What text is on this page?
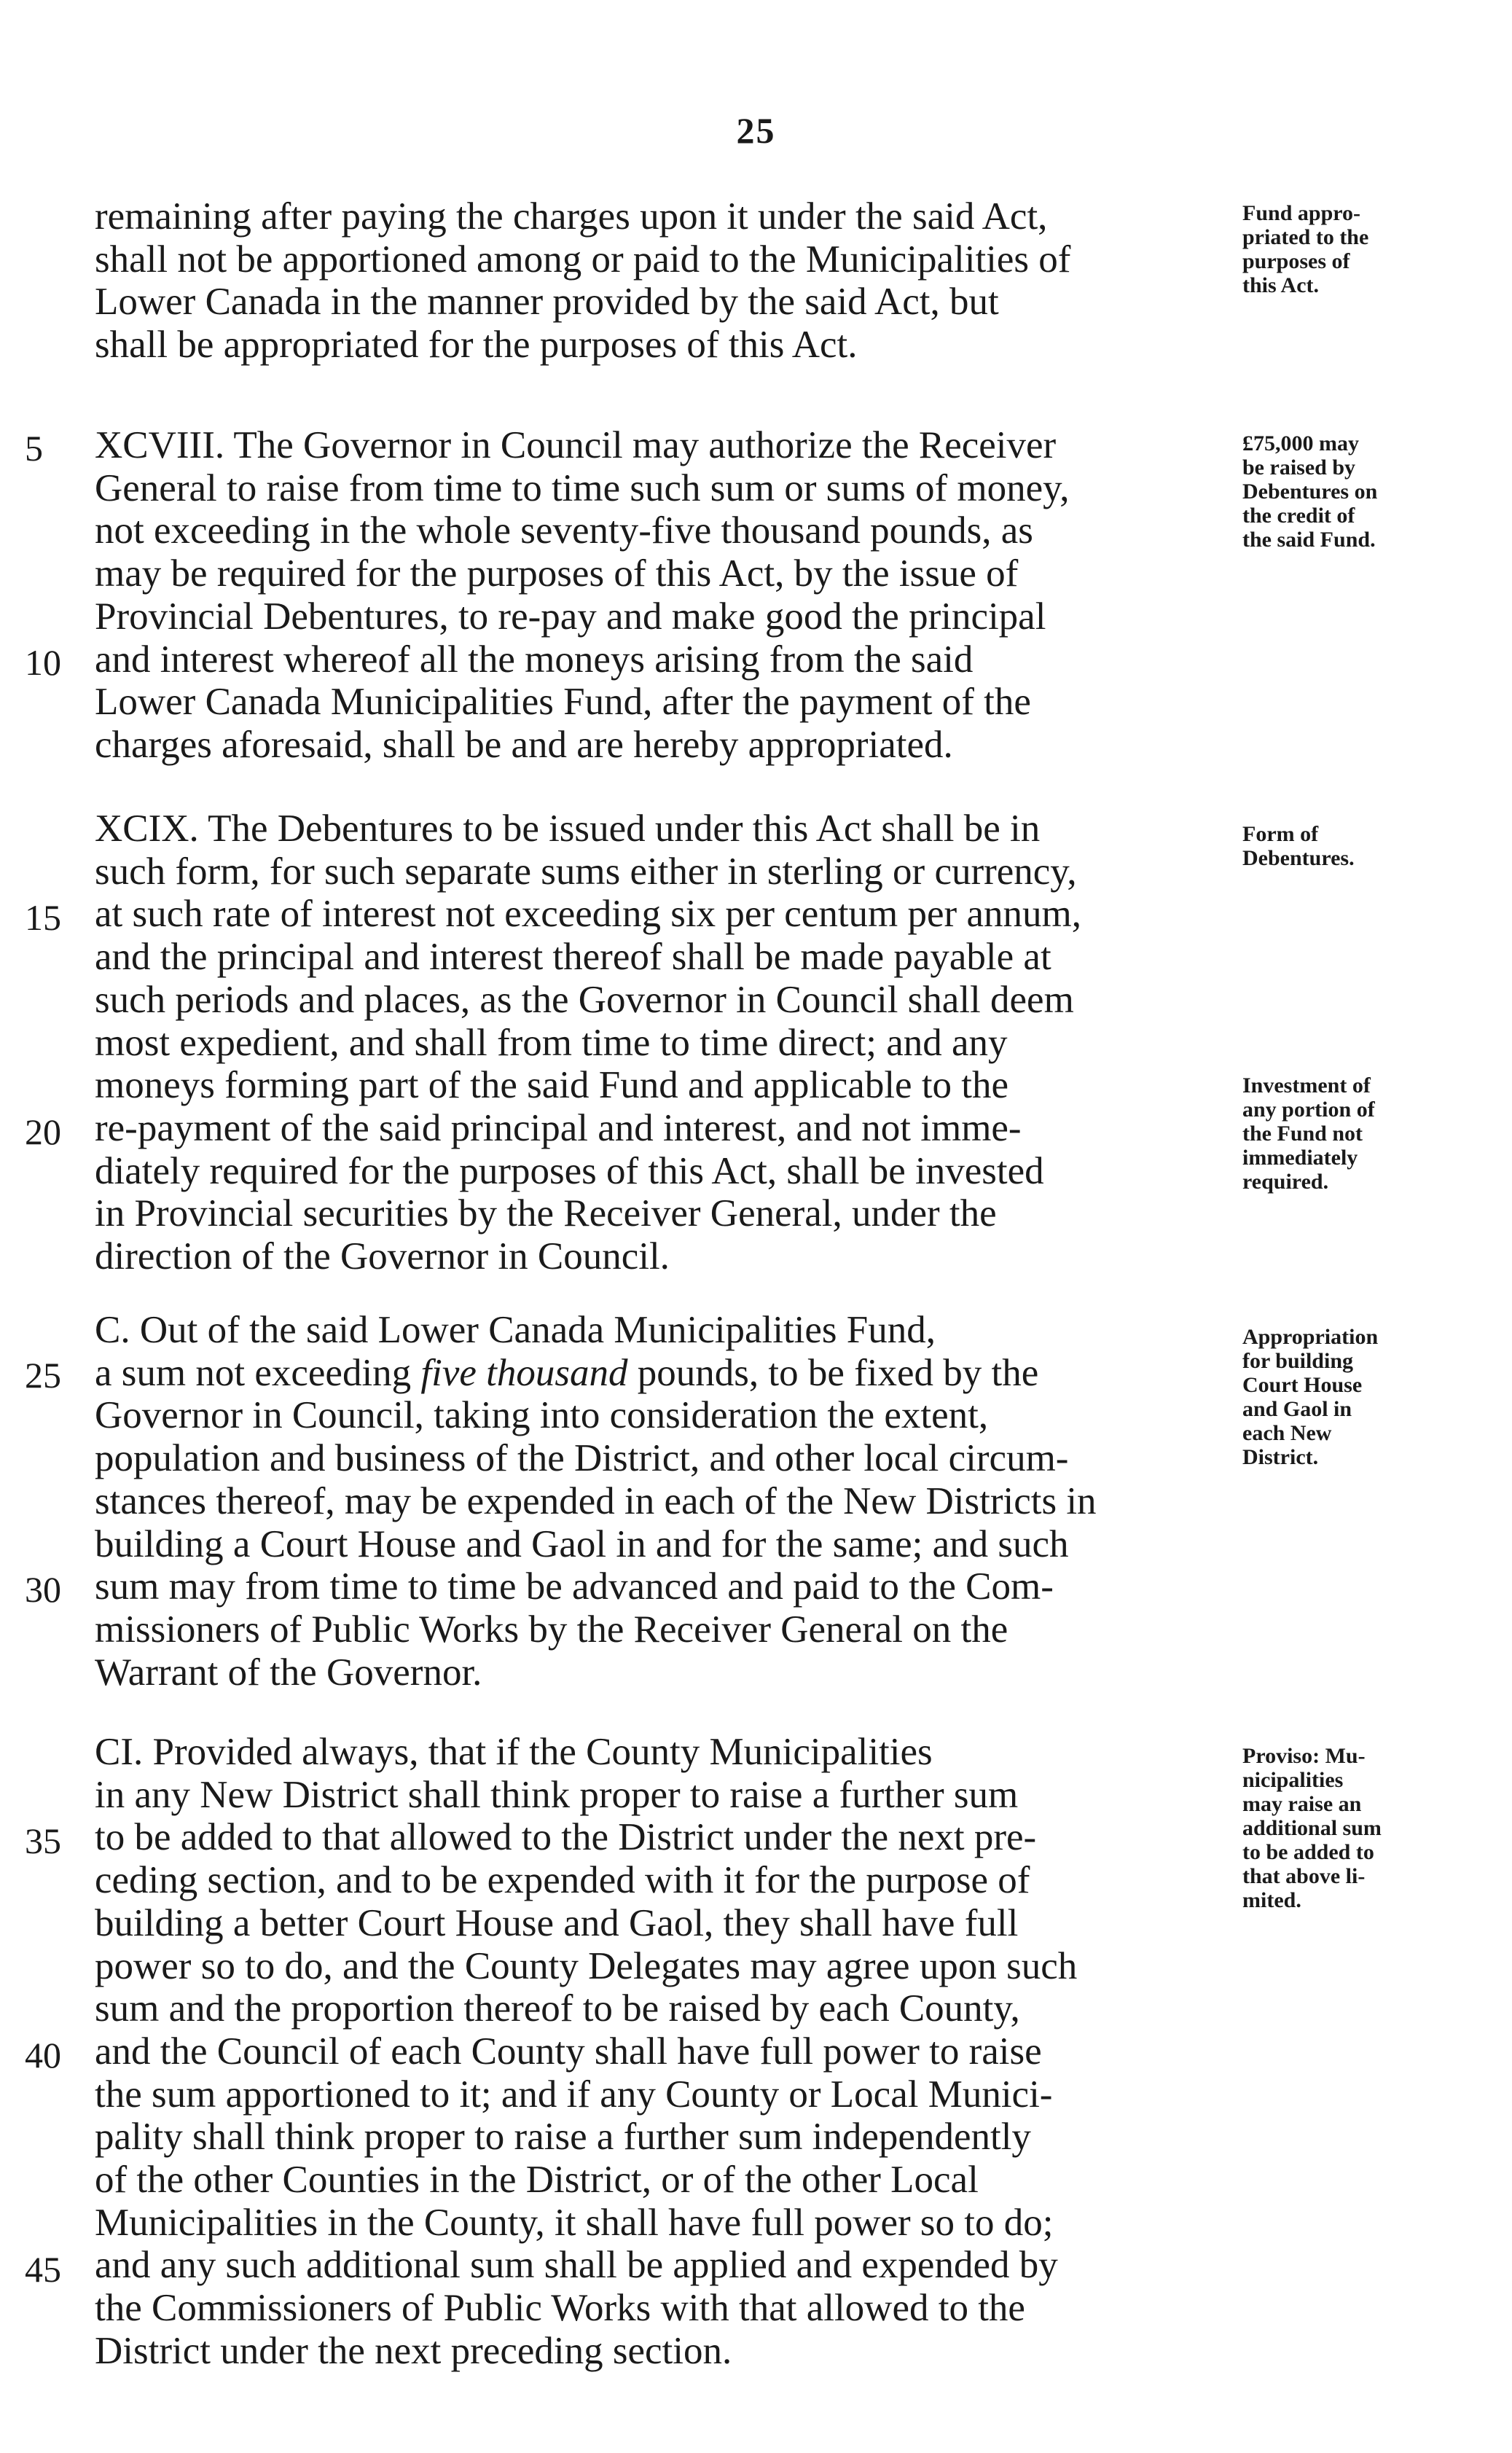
25

remaining after paying the charges upon it under the said Act,
shall not be apportioned among or paid to the Municipalities of
Lower Canada in the manner provided by the said Act, but
shall be appropriated for the purposes of this Act.

Fund appro-
priated to the
purposes of
this Act.

XCVIII. The Governor in Council may authorize the Receiver
General to raise from time to time such sum or sums of money,
not exceeding in the whole seventy-five thousand pounds, as
may be required for the purposes of this Act, by the issue of
Provincial Debentures, to re-pay and make good the principal
and interest whereof all the moneys arising from the said
Lower Canada Municipalities Fund, after the payment of the
charges aforesaid, shall be and are hereby appropriated.

5
10

£75,000 may
be raised by
Debentures on
the credit of
the said Fund.

XCIX. The Debentures to be issued under this Act shall be in
such form, for such separate sums either in sterling or currency,
at such rate of interest not exceeding six per centum per annum,
and the principal and interest thereof shall be made payable at
such periods and places, as the Governor in Council shall deem
most expedient, and shall from time to time direct; and any
moneys forming part of the said Fund and applicable to the
re-payment of the said principal and interest, and not imme-
diately required for the purposes of this Act, shall be invested
in Provincial securities by the Receiver General, under the
direction of the Governor in Council.

15
20

Form of
Debentures.

Investment of
any portion of
the Fund not
immediately
required.

C. Out of the said Lower Canada Municipalities Fund,
a sum not exceeding five thousand pounds, to be fixed by the
Governor in Council, taking into consideration the extent,
population and business of the District, and other local circum-
stances thereof, may be expended in each of the New Districts in
building a Court House and Gaol in and for the same; and such
sum may from time to time be advanced and paid to the Com-
missioners of Public Works by the Receiver General on the
Warrant of the Governor.

25
30

Appropriation
for building
Court House
and Gaol in
each New
District.

CI. Provided always, that if the County Municipalities
in any New District shall think proper to raise a further sum
to be added to that allowed to the District under the next pre-
ceding section, and to be expended with it for the purpose of
building a better Court House and Gaol, they shall have full
power so to do, and the County Delegates may agree upon such
sum and the proportion thereof to be raised by each County,
and the Council of each County shall have full power to raise
the sum apportioned to it; and if any County or Local Munici-
pality shall think proper to raise a further sum independently
of the other Counties in the District, or of the other Local
Municipalities in the County, it shall have full power so to do;
and any such additional sum shall be applied and expended by
the Commissioners of Public Works with that allowed to the
District under the next preceding section.

35
40
45

Proviso: Mu-
nicipalities
may raise an
additional sum
to be added to
that above li-
mited.
